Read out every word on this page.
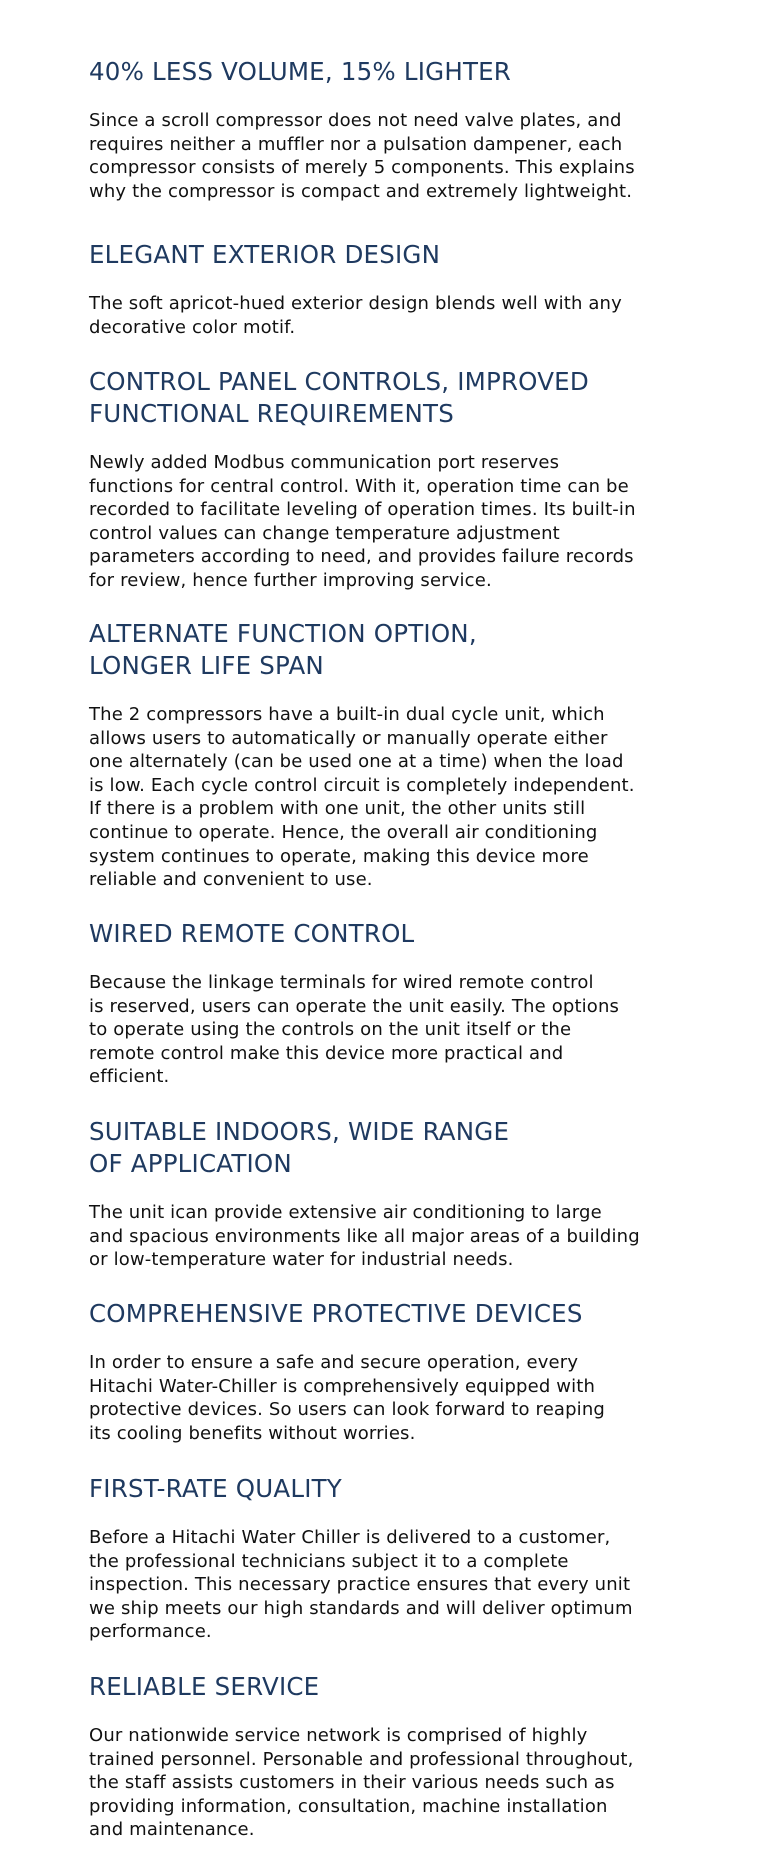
40% LESS VOLUME, 15% LIGHTER

Since a scroll compressor does not need valve plates, and
requires neither a muffler nor a pulsation dampener, each
compressor consists of merely 5 components. This explains
why the compressor is compact and extremely lightweight.

ELEGANT EXTERIOR DESIGN

The soft apricot-hued exterior design blends well with any
decorative color motif.

CONTROL PANEL CONTROLS, IMPROVED
FUNCTIONAL REQUIREMENTS

Newly added Modbus communication port reserves
functions for central control. With it, operation time can be
recorded to facilitate leveling of operation times. Its built-in
control values can change temperature adjustment
parameters according to need, and provides failure records
for review, hence further improving service.

ALTERNATE FUNCTION OPTION,
LONGER LIFE SPAN

The 2 compressors have a built-in dual cycle unit, which
allows users to automatically or manually operate either
one alternately (can be used one at a time) when the load
is low. Each cycle control circuit is completely independent.
If there is a problem with one unit, the other units still
continue to operate. Hence, the overall air conditioning
system continues to operate, making this device more
reliable and convenient to use.

WIRED REMOTE CONTROL

Because the linkage terminals for wired remote control
is reserved, users can operate the unit easily. The options
to operate using the controls on the unit itself or the
remote control make this device more practical and
efficient.

SUITABLE INDOORS, WIDE RANGE
OF APPLICATION

The unit ican provide extensive air conditioning to large
and spacious environments like all major areas of a building
or low-temperature water for industrial needs.

COMPREHENSIVE PROTECTIVE DEVICES

In order to ensure a safe and secure operation, every
Hitachi Water-Chiller is comprehensively equipped with
protective devices. So users can look forward to reaping
its cooling benefits without worries.

FIRST-RATE QUALITY

Before a Hitachi Water Chiller is delivered to a customer,
the professional technicians subject it to a complete
inspection. This necessary practice ensures that every unit
we ship meets our high standards and will deliver optimum
performance.

RELIABLE SERVICE

Our nationwide service network is comprised of highly
trained personnel. Personable and professional throughout,
the staff assists customers in their various needs such as
providing information, consultation, machine installation
and maintenance.
